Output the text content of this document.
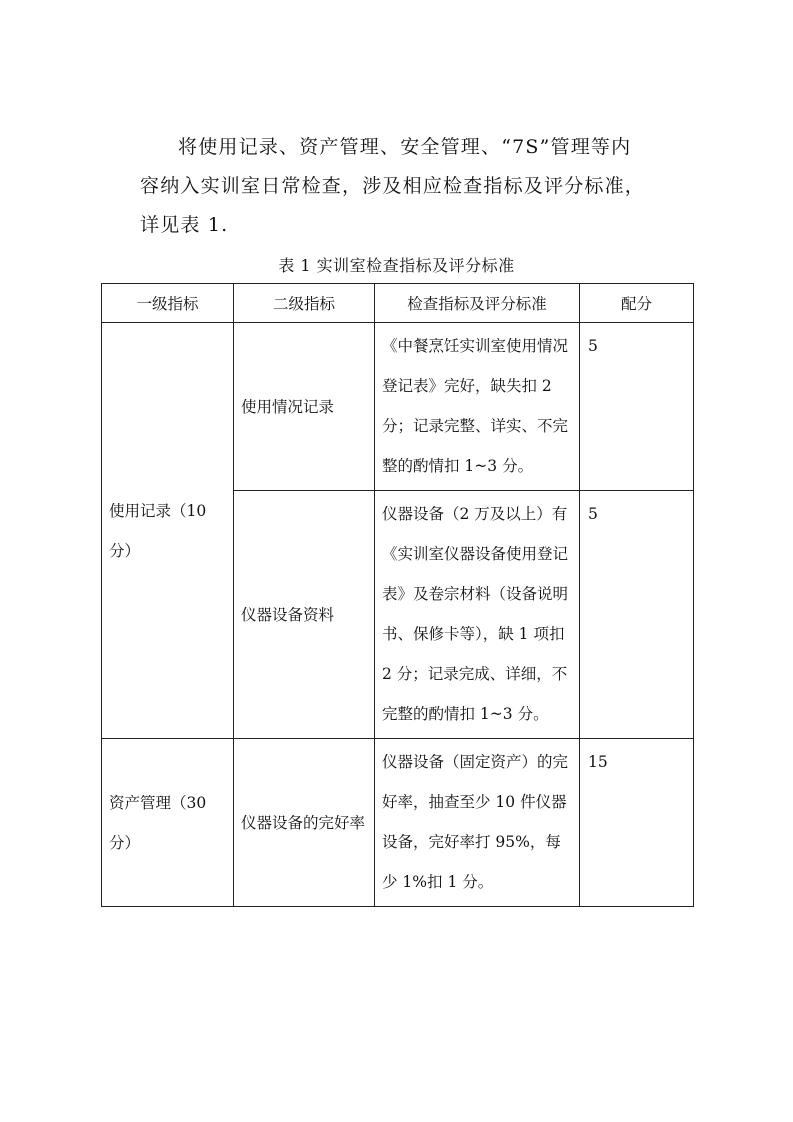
将使用记录、资产管理、安全管理、“7S”管理等内容纳入实训室日常检查，涉及相应检查指标及评分标准，详见表 1.
表 1 实训室检查指标及评分标准
一级指标	二级指标	检查指标及评分标准	配分
使用记录（10 分）	使用情况记录	《中餐烹饪实训室使用情况登记表》完好，缺失扣 2 分；记录完整、详实、不完整的酌情扣 1~3 分。	5
	仪器设备资料	仪器设备（2 万及以上）有《实训室仪器设备使用登记表》及卷宗材料（设备说明书、保修卡等），缺 1 项扣 2 分；记录完成、详细，不完整的酌情扣 1~3 分。	5
资产管理（30 分）	仪器设备的完好率	仪器设备（固定资产）的完好率，抽查至少 10 件仪器设备，完好率打 95%，每少 1%扣 1 分。	15
